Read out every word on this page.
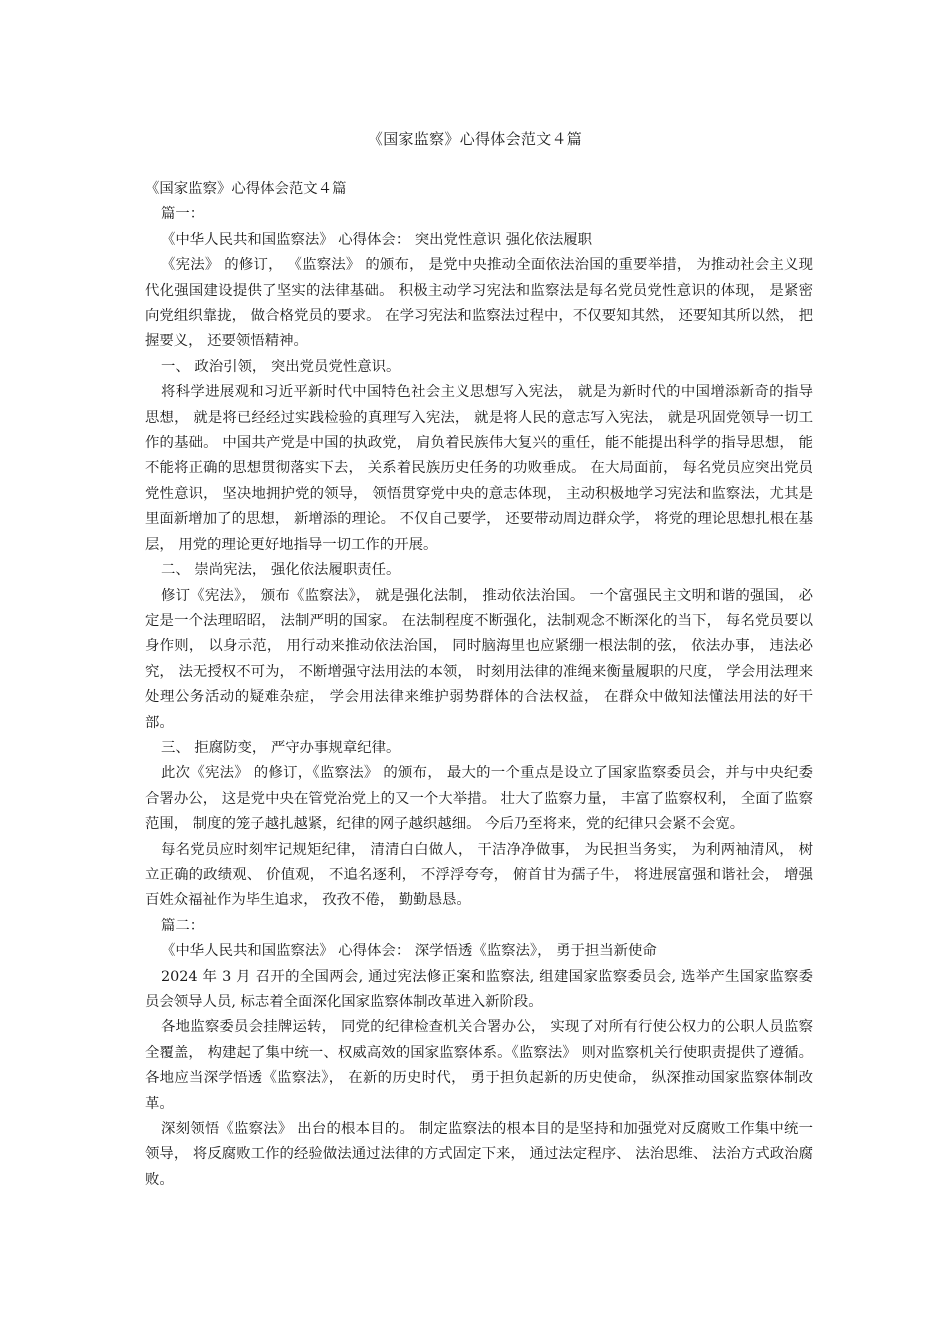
《国家监察》心得体会范文４篇

《国家监察》心得体会范文４篇

篇一：

《中华人民共和国监察法》 心得体会： 突出党性意识 强化依法履职

《宪法》 的修订， 《监察法》 的颁布， 是党中央推动全面依法治国的重要举措， 为推动社会主义现代化强国建设提供了坚实的法律基础。 积极主动学习宪法和监察法是每名党员党性意识的体现， 是紧密向党组织靠拢， 做合格党员的要求。 在学习宪法和监察法过程中，不仅要知其然， 还要知其所以然， 把握要义， 还要领悟精神。

一、 政治引领， 突出党员党性意识。

将科学进展观和习近平新时代中国特色社会主义思想写入宪法， 就是为新时代的中国增添新奇的指导思想， 就是将已经经过实践检验的真理写入宪法， 就是将人民的意志写入宪法， 就是巩固党领导一切工作的基础。 中国共产党是中国的执政党， 肩负着民族伟大复兴的重任，能不能提出科学的指导思想， 能不能将正确的思想贯彻落实下去， 关系着民族历史任务的功败垂成。 在大局面前， 每名党员应突出党员党性意识， 坚决地拥护党的领导， 领悟贯穿党中央的意志体现， 主动积极地学习宪法和监察法，尤其是里面新增加了的思想， 新增添的理论。 不仅自己要学， 还要带动周边群众学， 将党的理论思想扎根在基层， 用党的理论更好地指导一切工作的开展。

二、 崇尚宪法， 强化依法履职责任。

修订《宪法》， 颁布《监察法》， 就是强化法制， 推动依法治国。 一个富强民主文明和谐的强国， 必定是一个法理昭昭， 法制严明的国家。 在法制程度不断强化，法制观念不断深化的当下， 每名党员要以身作则， 以身示范， 用行动来推动依法治国， 同时脑海里也应紧绷一根法制的弦， 依法办事， 违法必究， 法无授权不可为， 不断增强守法用法的本领， 时刻用法律的准绳来衡量履职的尺度， 学会用法理来处理公务活动的疑难杂症， 学会用法律来维护弱势群体的合法权益， 在群众中做知法懂法用法的好干部。

三、 拒腐防变， 严守办事规章纪律。

此次《宪法》 的修订，《监察法》 的颁布， 最大的一个重点是设立了国家监察委员会，并与中央纪委合署办公， 这是党中央在管党治党上的又一个大举措。 壮大了监察力量， 丰富了监察权利， 全面了监察范围， 制度的笼子越扎越紧，纪律的网子越织越细。 今后乃至将来，党的纪律只会紧不会宽。

每名党员应时刻牢记规矩纪律， 清清白白做人， 干洁净净做事， 为民担当务实， 为利两袖清风， 树立正确的政绩观、 价值观， 不追名逐利， 不浮浮夸夸， 俯首甘为孺子牛， 将进展富强和谐社会， 增强百姓众福祉作为毕生追求， 孜孜不倦， 勤勤恳恳。

篇二：

《中华人民共和国监察法》 心得体会： 深学悟透《监察法》， 勇于担当新使命

2024 年 3 月 召开的全国两会, 通过宪法修正案和监察法, 组建国家监察委员会, 选举产生国家监察委员会领导人员, 标志着全面深化国家监察体制改革进入新阶段。

各地监察委员会挂牌运转， 同党的纪律检查机关合署办公， 实现了对所有行使公权力的公职人员监察全覆盖， 构建起了集中统一、权威高效的国家监察体系。《监察法》 则对监察机关行使职责提供了遵循。 各地应当深学悟透《监察法》， 在新的历史时代， 勇于担负起新的历史使命， 纵深推动国家监察体制改革。

深刻领悟《监察法》 出台的根本目的。 制定监察法的根本目的是坚持和加强党对反腐败工作集中统一领导， 将反腐败工作的经验做法通过法律的方式固定下来， 通过法定程序、 法治思维、 法治方式政治腐败。
